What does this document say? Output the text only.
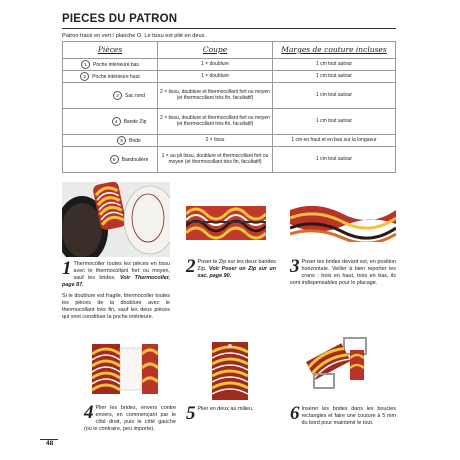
PIECES DU PATRON
Patron tracé en vert / planche O. Le tissu est plié en deux.
Pièces	Coupe	Marges de couture incluses
1 Poche intérieure bas	1 × doublure	1 cm tout autour
2 Poche intérieure haut	1 × doublure	1 cm tout autour
3 Sac rond	2 × tissu, doublure et thermocollant fort ou moyen (et thermocollant très fin, facultatif)	1 cm tout autour
4 Bande Zip	2 × tissu, doublure et thermocollant fort ou moyen (et thermocollant très fin, facultatif)	1 cm tout autour
5 Bride	2 × tissu	1 cm en haut et en bas sur la longueur
6 Bandoulière	1 × au pli tissu, doublure et thermocollant fort ou moyen (et thermocollant très fin, facultatif)	1 cm tout autour
1 Thermocoller toutes les pièces en tissu avec le thermocollant fort ou moyen, sauf les brides. Voir Thermocoller, page 87.
Si le doublure est fragile, thermocoller toutes les pièces de la doublure avec le thermocollant très fin, sauf les deux pièces qui vont constituer la poche intérieure.
2 Poser le Zip sur les deux bandes Zip. Voir Poser un Zip sur un sac, page 90.	3 Poser les brides devant soi, en position horizontale. Veiller à bien reporter les crans : trois en haut, trois en bas, ils sont indispensables pour le placage.
4 Plier les brides, envers contre envers, en commençant par le côté droit, puis le côté gauche (ou le contraire, peu importe).
5 Plier en deux au milieu.	6 Insérer les brides dans les boucles rectangles et faire une couture à 5 mm du bord pour maintenir le tout.
48
